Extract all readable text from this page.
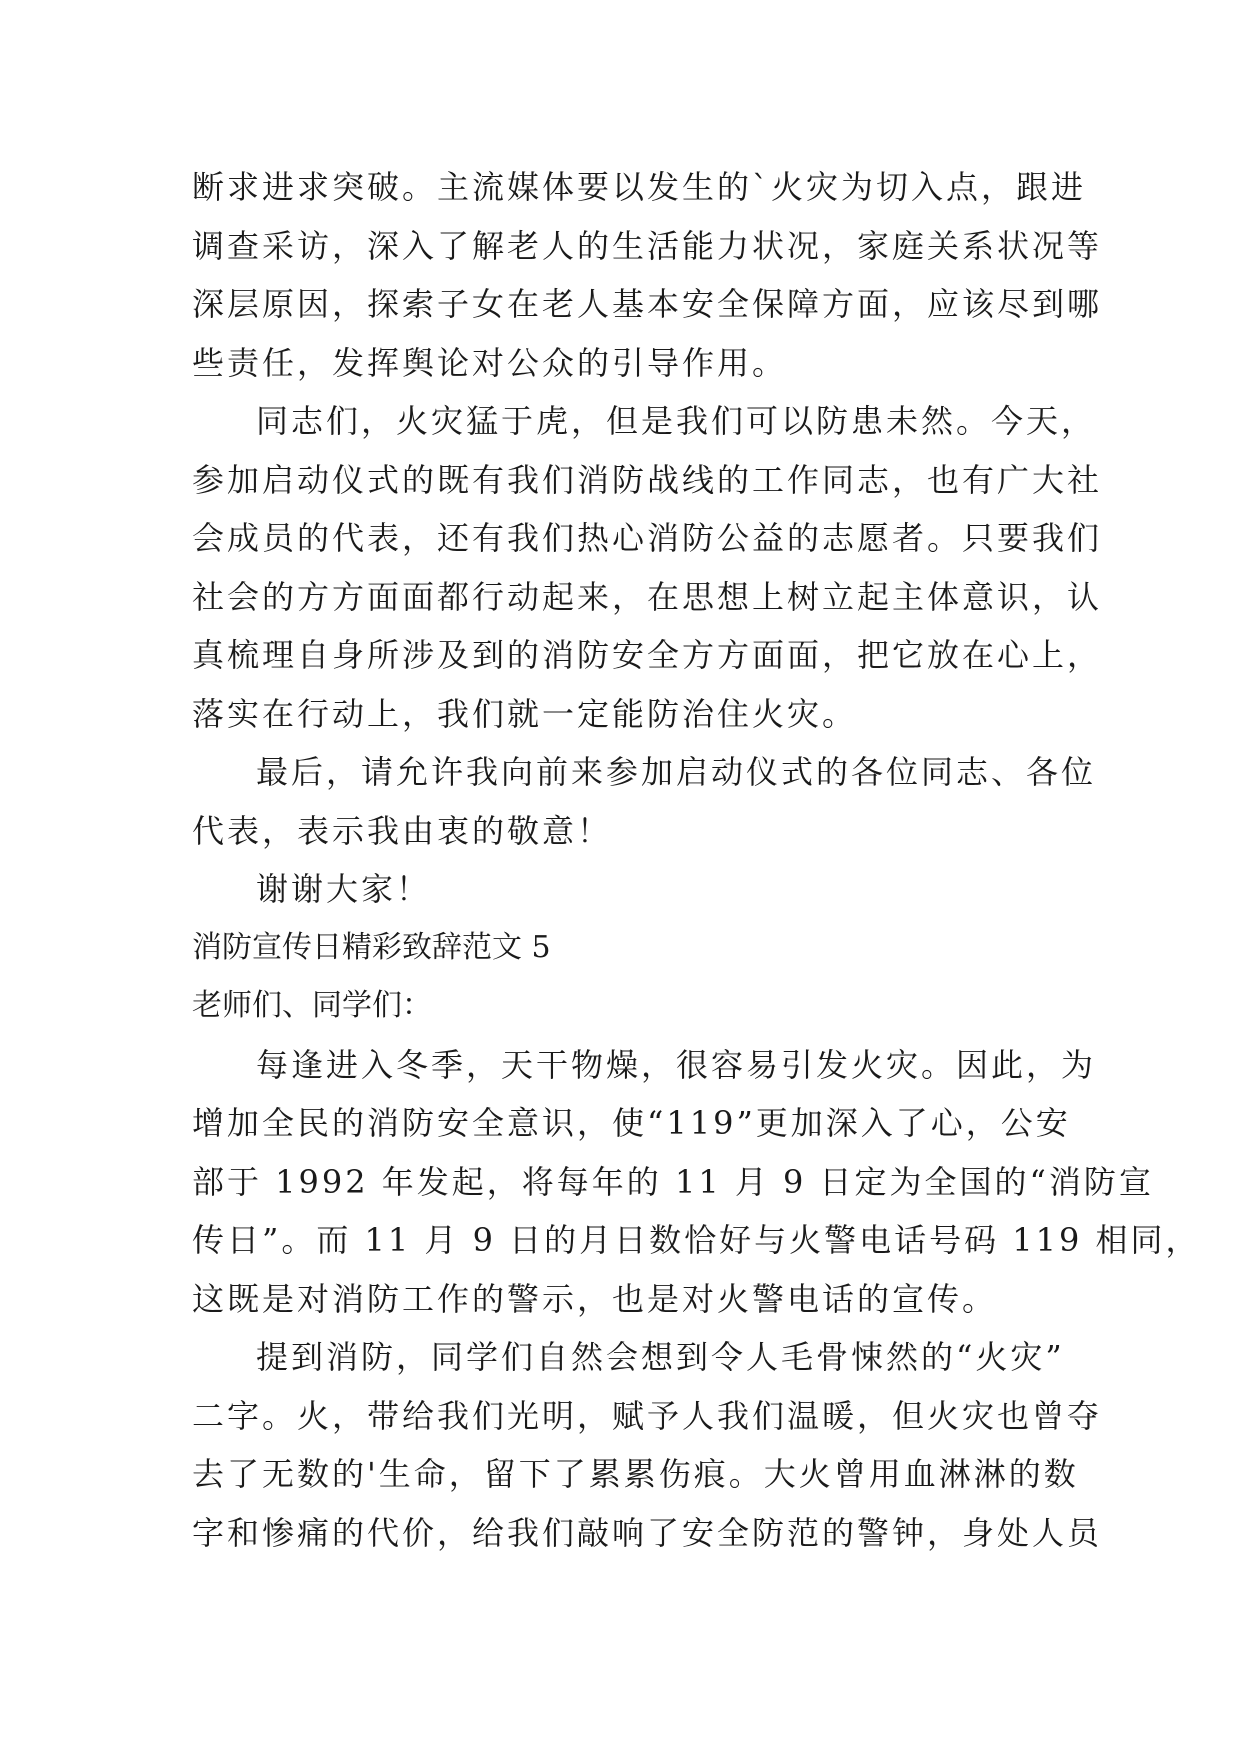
断求进求突破。主流媒体要以发生的`火灾为切入点，跟进
调查采访，深入了解老人的生活能力状况，家庭关系状况等
深层原因，探索子女在老人基本安全保障方面，应该尽到哪
些责任，发挥舆论对公众的引导作用。
同志们，火灾猛于虎，但是我们可以防患未然。今天，
参加启动仪式的既有我们消防战线的工作同志，也有广大社
会成员的代表，还有我们热心消防公益的志愿者。只要我们
社会的方方面面都行动起来，在思想上树立起主体意识，认
真梳理自身所涉及到的消防安全方方面面，把它放在心上，
落实在行动上，我们就一定能防治住火灾。
最后，请允许我向前来参加启动仪式的各位同志、各位
代表，表示我由衷的敬意！
谢谢大家！
消防宣传日精彩致辞范文 5
老师们、同学们：
每逢进入冬季，天干物燥，很容易引发火灾。因此，为
增加全民的消防安全意识，使“119”更加深入了心，公安
部于 1992 年发起，将每年的 11 月 9 日定为全国的“消防宣
传日”。而 11 月 9 日的月日数恰好与火警电话号码 119 相同，
这既是对消防工作的警示，也是对火警电话的宣传。
提到消防，同学们自然会想到令人毛骨悚然的“火灾”
二字。火，带给我们光明，赋予人我们温暖，但火灾也曾夺
去了无数的'生命，留下了累累伤痕。大火曾用血淋淋的数
字和惨痛的代价，给我们敲响了安全防范的警钟，身处人员
